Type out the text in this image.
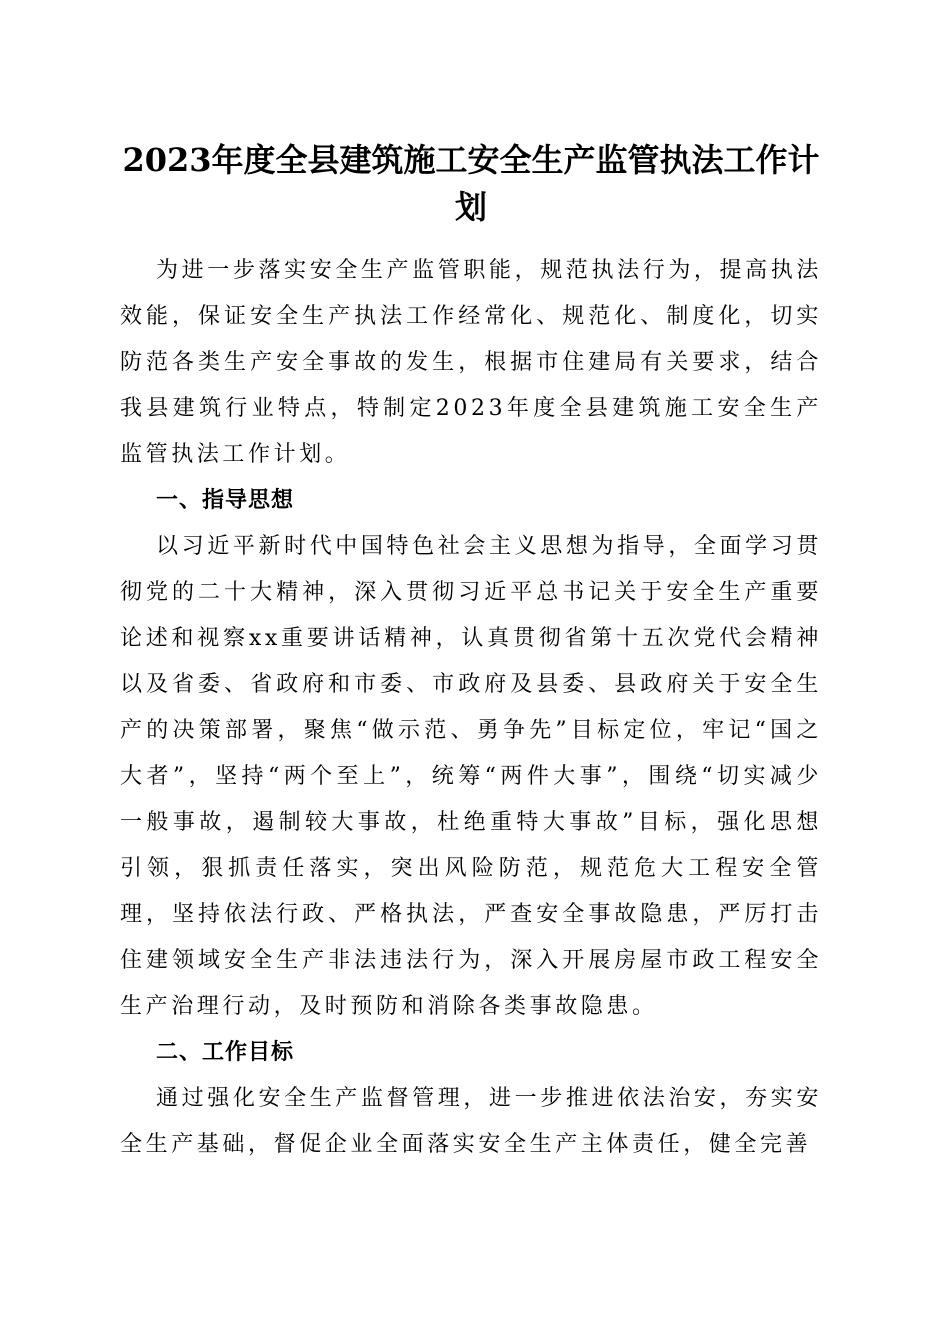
2023年度全县建筑施工安全生产监管执法工作计划

为进一步落实安全生产监管职能，规范执法行为，提高执法效能，保证安全生产执法工作经常化、规范化、制度化，切实防范各类生产安全事故的发生，根据市住建局有关要求，结合我县建筑行业特点，特制定2023年度全县建筑施工安全生产监管执法工作计划。

一、指导思想

以习近平新时代中国特色社会主义思想为指导，全面学习贯彻党的二十大精神，深入贯彻习近平总书记关于安全生产重要论述和视察xx重要讲话精神，认真贯彻省第十五次党代会精神以及省委、省政府和市委、市政府及县委、县政府关于安全生产的决策部署，聚焦“做示范、勇争先”目标定位，牢记“国之大者”，坚持“两个至上”，统筹“两件大事”，围绕“切实减少一般事故，遏制较大事故，杜绝重特大事故”目标，强化思想引领，狠抓责任落实，突出风险防范，规范危大工程安全管理，坚持依法行政、严格执法，严查安全事故隐患，严厉打击住建领域安全生产非法违法行为，深入开展房屋市政工程安全生产治理行动，及时预防和消除各类事故隐患。

二、工作目标

通过强化安全生产监督管理，进一步推进依法治安，夯实安全生产基础，督促企业全面落实安全生产主体责任，健全完善
